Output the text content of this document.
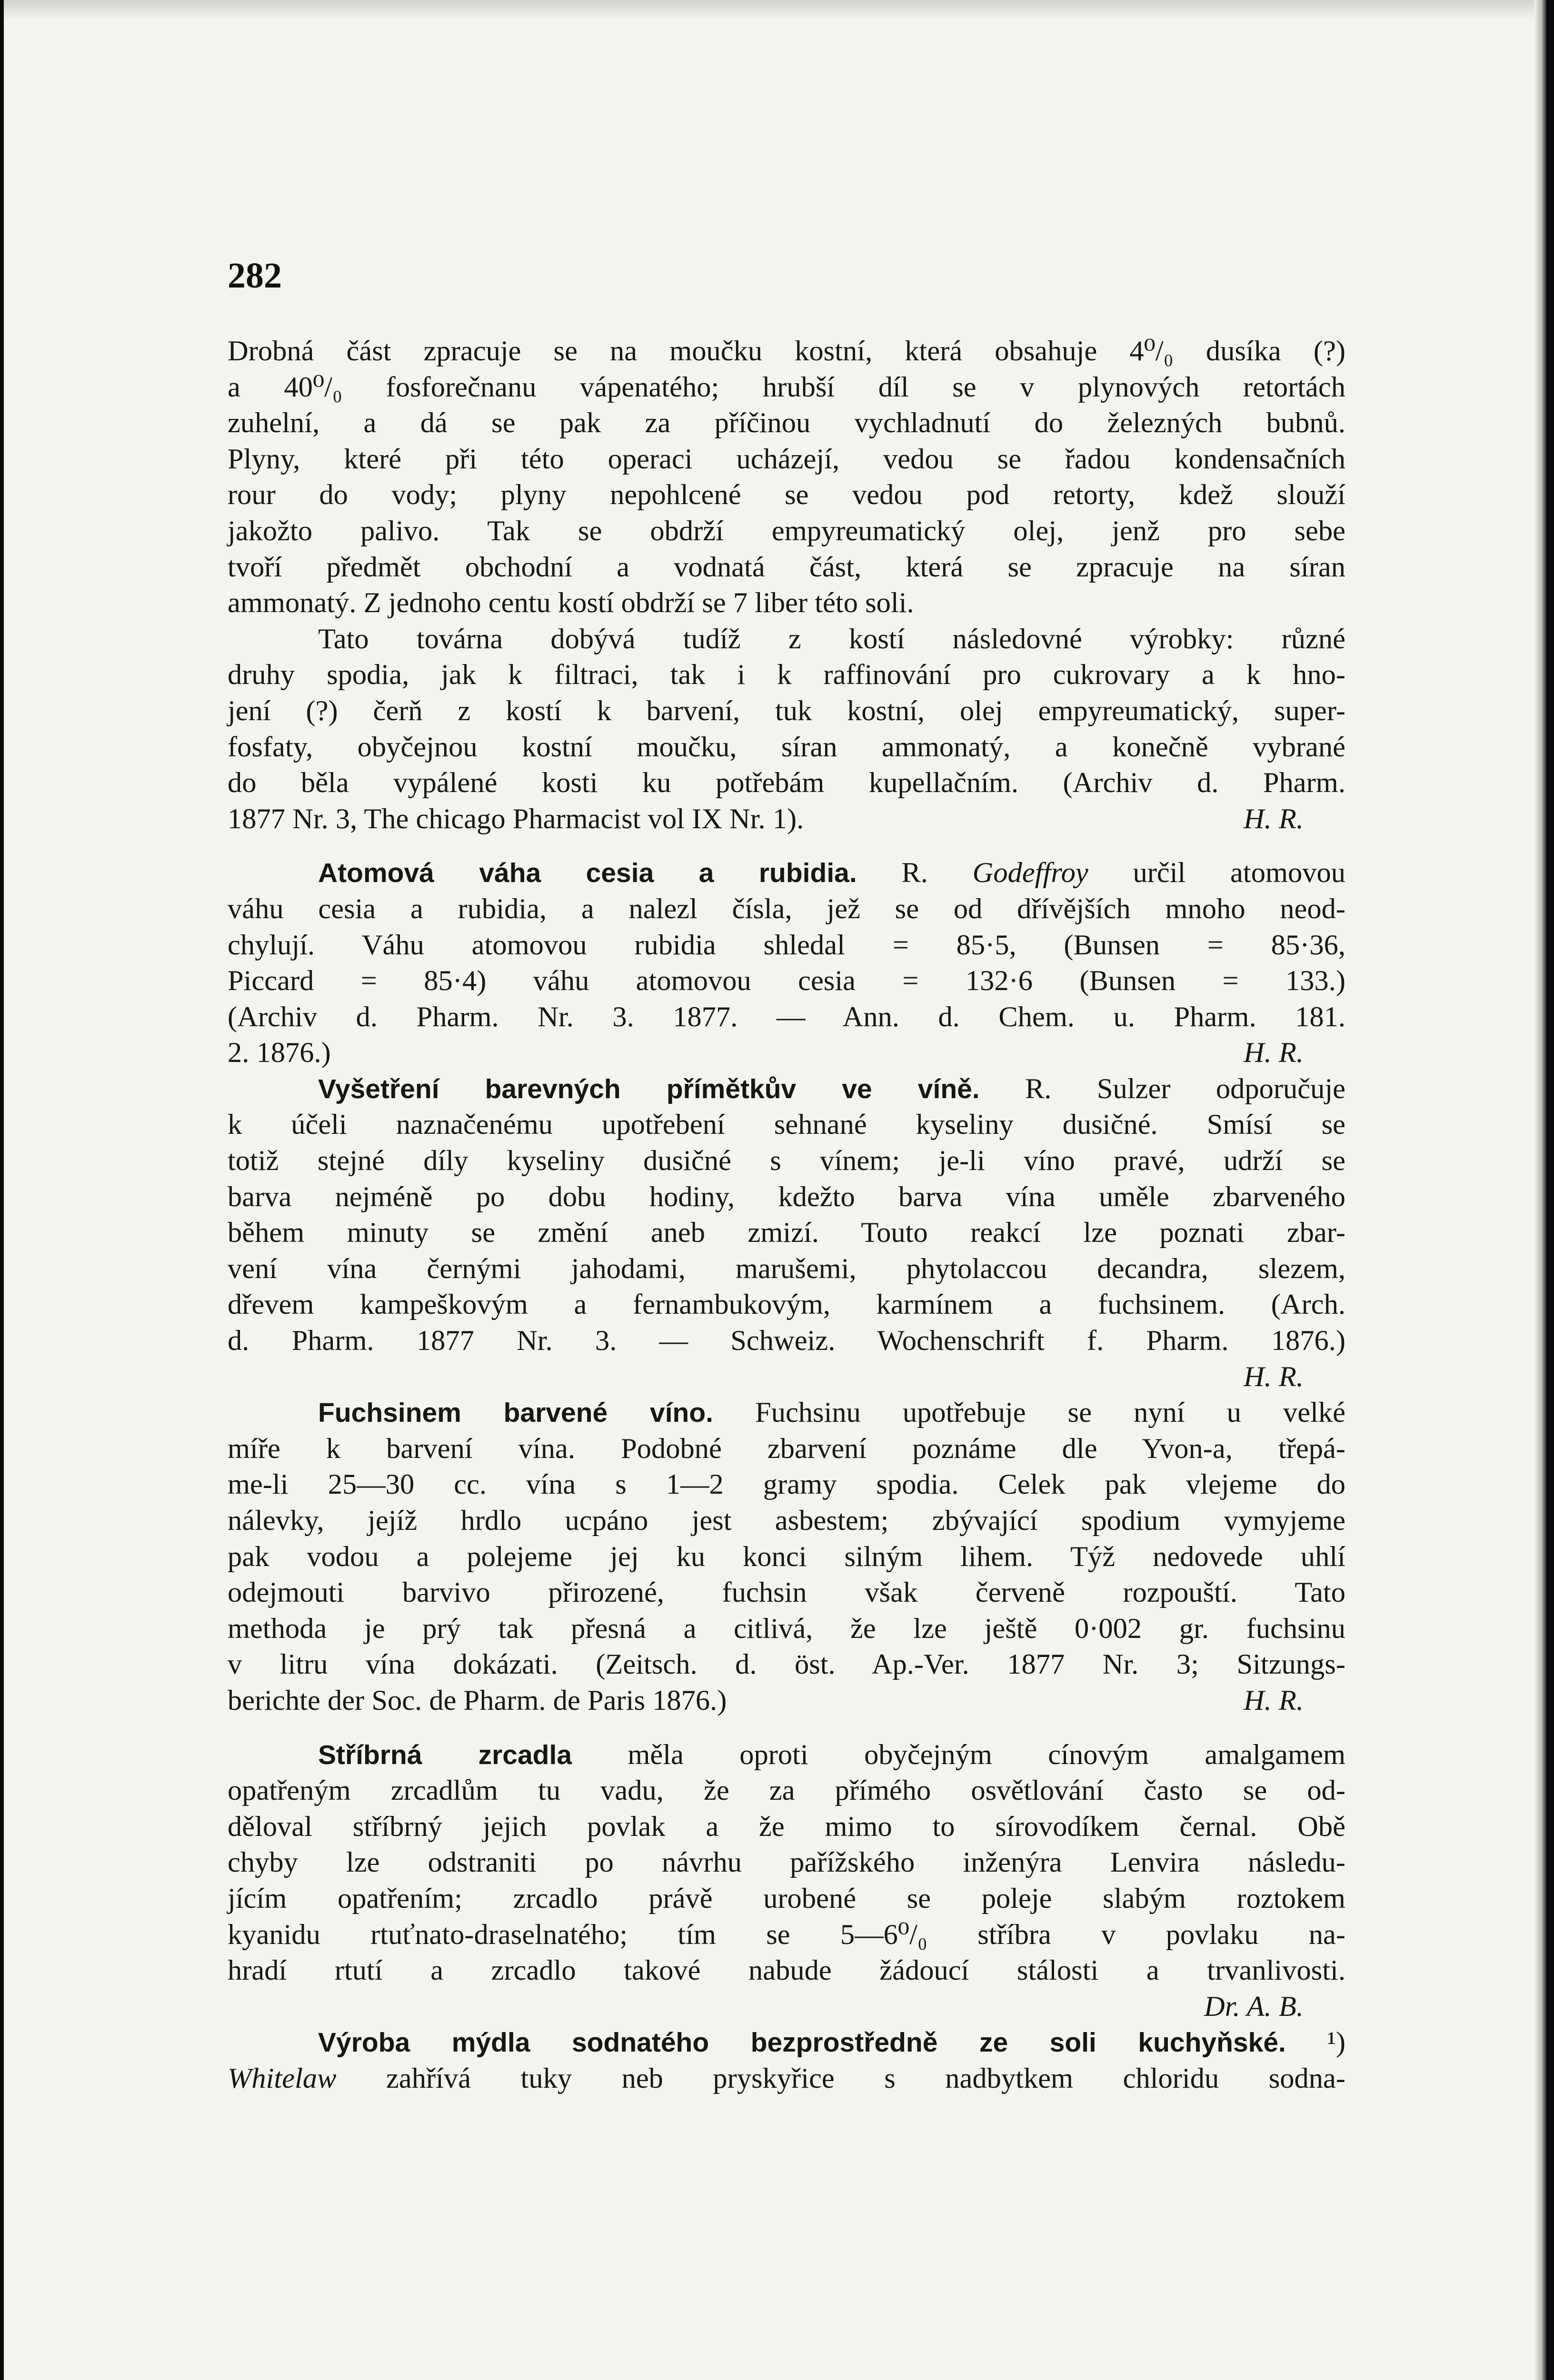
282
Drobná část zpracuje se na moučku kostní, která obsahuje 4⁰/₀ dusíka (?)
a 40⁰/₀ fosforečnanu vápenatého; hrubší díl se v plynových retortách
zuhelní, a dá se pak za příčinou vychladnutí do železných bubnů.
Plyny, které při této operaci ucházejí, vedou se řadou kondensačních
rour do vody; plyny nepohlcené se vedou pod retorty, kdež slouží
jakožto palivo. Tak se obdrží empyreumatický olej, jenž pro sebe
tvoří předmět obchodní a vodnatá část, která se zpracuje na síran
ammonatý. Z jednoho centu kostí obdrží se 7 liber této soli.
Tato továrna dobývá tudíž z kostí následovné výrobky: různé
druhy spodia, jak k filtraci, tak i k raffinování pro cukrovary a k hno-
jení (?) čerň z kostí k barvení, tuk kostní, olej empyreumatický, super-
fosfaty, obyčejnou kostní moučku, síran ammonatý, a konečně vybrané
do běla vypálené kosti ku potřebám kupellačním. (Archiv d. Pharm.
1877 Nr. 3, The chicago Pharmacist vol IX Nr. 1).	H. R.
Atomová váha cesia a rubidia. R. Godeffroy určil atomovou
váhu cesia a rubidia, a nalezl čísla, jež se od dřívějších mnoho neod-
chylují. Váhu atomovou rubidia shledal = 85·5, (Bunsen = 85·36,
Piccard = 85·4) váhu atomovou cesia = 132·6 (Bunsen = 133.)
(Archiv d. Pharm. Nr. 3. 1877. — Ann. d. Chem. u. Pharm. 181.
2. 1876.)	H. R.
Vyšetření barevných přímětkův ve víně. R. Sulzer odporučuje
k účeli naznačenému upotřebení sehnané kyseliny dusičné. Smísí se
totiž stejné díly kyseliny dusičné s vínem; je-li víno pravé, udrží se
barva nejméně po dobu hodiny, kdežto barva vína uměle zbarveného
během minuty se změní aneb zmizí. Touto reakcí lze poznati zbar-
vení vína černými jahodami, marušemi, phytolaccou decandra, slezem,
dřevem kampeškovým a fernambukovým, karmínem a fuchsinem. (Arch.
d. Pharm. 1877 Nr. 3. — Schweiz. Wochenschrift f. Pharm. 1876.)
H. R.
Fuchsinem barvené víno. Fuchsinu upotřebuje se nyní u velké
míře k barvení vína. Podobné zbarvení poznáme dle Yvon-a, třepá-
me-li 25—30 cc. vína s 1—2 gramy spodia. Celek pak vlejeme do
nálevky, jejíž hrdlo ucpáno jest asbestem; zbývající spodium vymyjeme
pak vodou a polejeme jej ku konci silným lihem. Týž nedovede uhlí
odejmouti barvivo přirozené, fuchsin však červeně rozpouští. Tato
methoda je prý tak přesná a citlivá, že lze ještě 0·002 gr. fuchsinu
v litru vína dokázati. (Zeitsch. d. öst. Ap.-Ver. 1877 Nr. 3; Sitzungs-
berichte der Soc. de Pharm. de Paris 1876.)	H. R.
Stříbrná zrcadla měla oproti obyčejným cínovým amalgamem
opatřeným zrcadlům tu vadu, že za přímého osvětlování často se od-
děloval stříbrný jejich povlak a že mimo to sírovodíkem černal. Obě
chyby lze odstraniti po návrhu pařížského inženýra Lenvira následu-
jícím opatřením; zrcadlo právě urobené se poleje slabým roztokem
kyanidu rtuťnato-draselnatého; tím se 5—6⁰/₀ stříbra v povlaku na-
hradí rtutí a zrcadlo takové nabude žádoucí stálosti a trvanlivosti.
Dr. A. B.
Výroba mýdla sodnatého bezprostředně ze soli kuchyňské. ¹)
Whitelaw zahřívá tuky neb pryskyřice s nadbytkem chloridu sodna-
